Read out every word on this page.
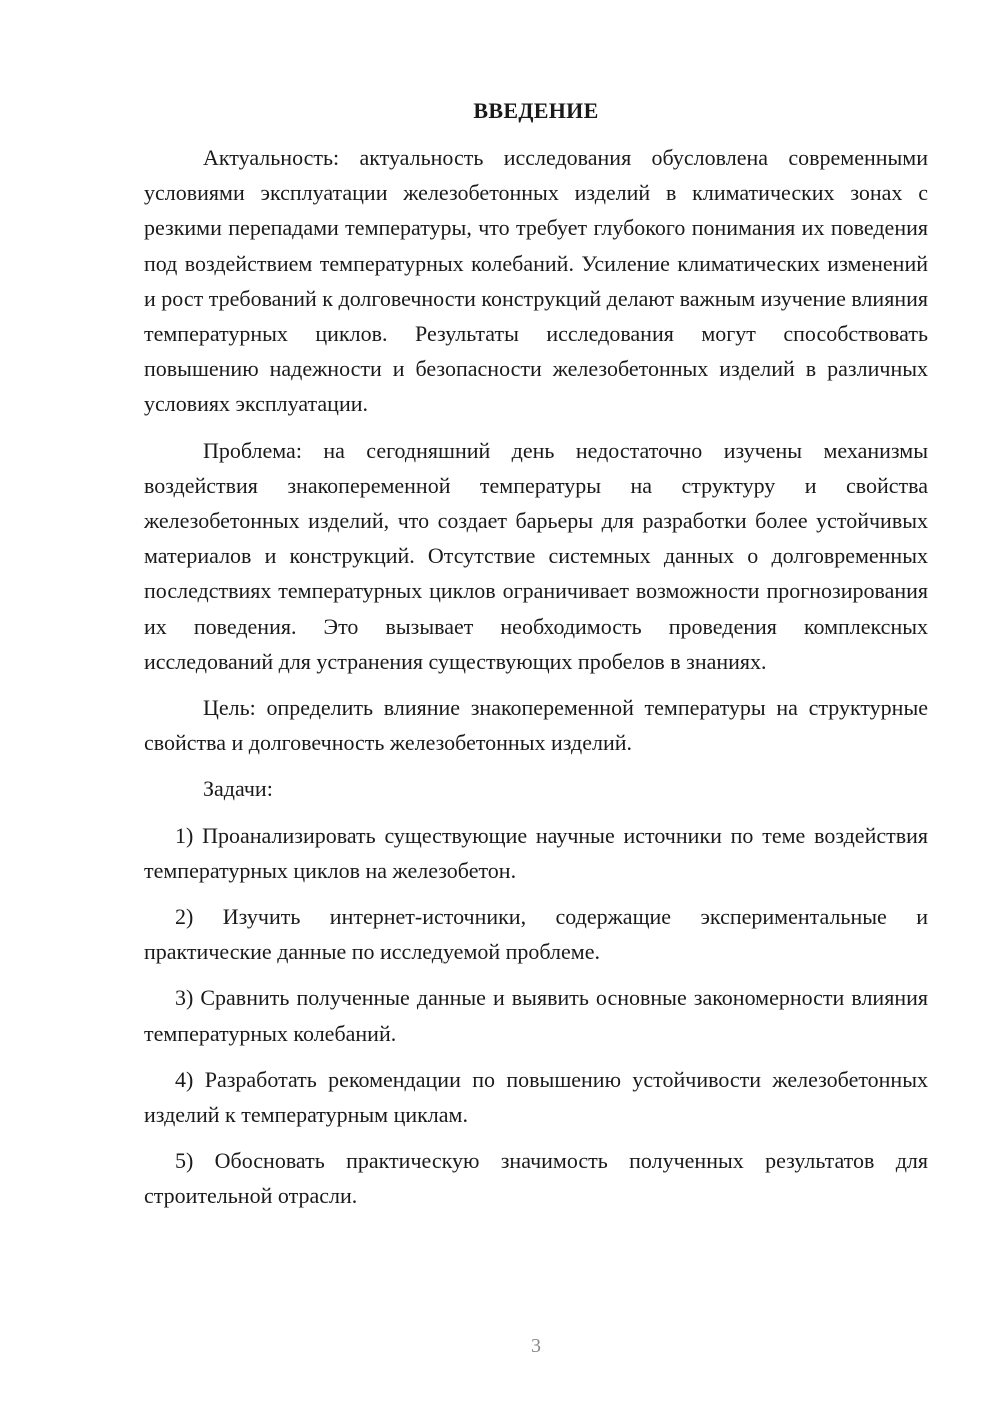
ВВЕДЕНИЕ

Актуальность: актуальность исследования обусловлена современными условиями эксплуатации железобетонных изделий в климатических зонах с резкими перепадами температуры, что требует глубокого понимания их поведения под воздействием температурных колебаний. Усиление климатических изменений и рост требований к долговечности конструкций делают важным изучение влияния температурных циклов. Результаты исследования могут способствовать повышению надежности и безопасности железобетонных изделий в различных условиях эксплуатации.

Проблема: на сегодняшний день недостаточно изучены механизмы воздействия знакопеременной температуры на структуру и свойства железобетонных изделий, что создает барьеры для разработки более устойчивых материалов и конструкций. Отсутствие системных данных о долговременных последствиях температурных циклов ограничивает возможности прогнозирования их поведения. Это вызывает необходимость проведения комплексных исследований для устранения существующих пробелов в знаниях.

Цель: определить влияние знакопеременной температуры на структурные свойства и долговечность железобетонных изделий.

Задачи:

1) Проанализировать существующие научные источники по теме воздействия температурных циклов на железобетон.

2) Изучить интернет-источники, содержащие экспериментальные и практические данные по исследуемой проблеме.

3) Сравнить полученные данные и выявить основные закономерности влияния температурных колебаний.

4) Разработать рекомендации по повышению устойчивости железобетонных изделий к температурным циклам.

5) Обосновать практическую значимость полученных результатов для строительной отрасли.

3
